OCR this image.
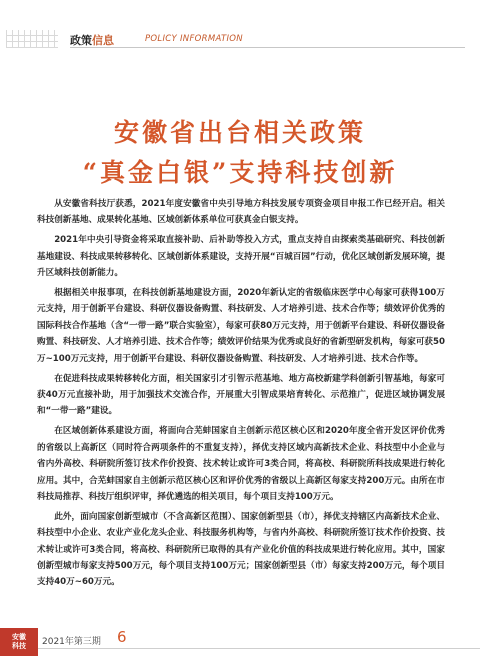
政策信息	POLICY INFORMATION
安徽省出台相关政策
“真金白银”支持科技创新

从安徽省科技厅获悉，2021年度安徽省中央引导地方科技发展专项资金项目申报工作已经开启。相关科技创新基地、成果转化基地、区域创新体系单位可获真金白银支持。

2021年中央引导资金将采取直接补助、后补助等投入方式，重点支持自由探索类基础研究、科技创新基地建设、科技成果转移转化、区域创新体系建设，支持开展“百城百园”行动，优化区域创新发展环境，提升区域科技创新能力。

根据相关申报事项，在科技创新基地建设方面，2020年新认定的省级临床医学中心每家可获得100万元支持，用于创新平台建设、科研仪器设备购置、科技研发、人才培养引进、技术合作等；绩效评价优秀的国际科技合作基地（含“一带一路”联合实验室），每家可获80万元支持，用于创新平台建设、科研仪器设备购置、科技研发、人才培养引进、技术合作等；绩效评价结果为优秀或良好的省新型研发机构，每家可获50万~100万元支持，用于创新平台建设、科研仪器设备购置、科技研发、人才培养引进、技术合作等。

在促进科技成果转移转化方面，相关国家引才引智示范基地、地方高校新建学科创新引智基地，每家可获40万元直接补助，用于加强技术交流合作，开展重大引智成果培育转化、示范推广，促进区域协调发展和“一带一路”建设。

在区域创新体系建设方面，将面向合芜蚌国家自主创新示范区核心区和2020年度全省开发区评价优秀的省级以上高新区（同时符合两项条件的不重复支持），择优支持区域内高新技术企业、科技型中小企业与省内外高校、科研院所签订技术作价投资、技术转让或许可3类合同，将高校、科研院所科技成果进行转化应用。其中，合芜蚌国家自主创新示范区核心区和评价优秀的省级以上高新区每家支持200万元。由所在市科技局推荐、科技厅组织评审，择优遴选的相关项目，每个项目支持100万元。

此外，面向国家创新型城市（不含高新区范围）、国家创新型县（市），择优支持辖区内高新技术企业、科技型中小企业、农业产业化龙头企业、科技服务机构等，与省内外高校、科研院所签订技术作价投资、技术转让或许可3类合同，将高校、科研院所已取得的具有产业化价值的科技成果进行转化应用。其中，国家创新型城市每家支持500万元，每个项目支持100万元；国家创新型县（市）每家支持200万元，每个项目支持40万~60万元。

安徽
科技	2021年第三期 6
